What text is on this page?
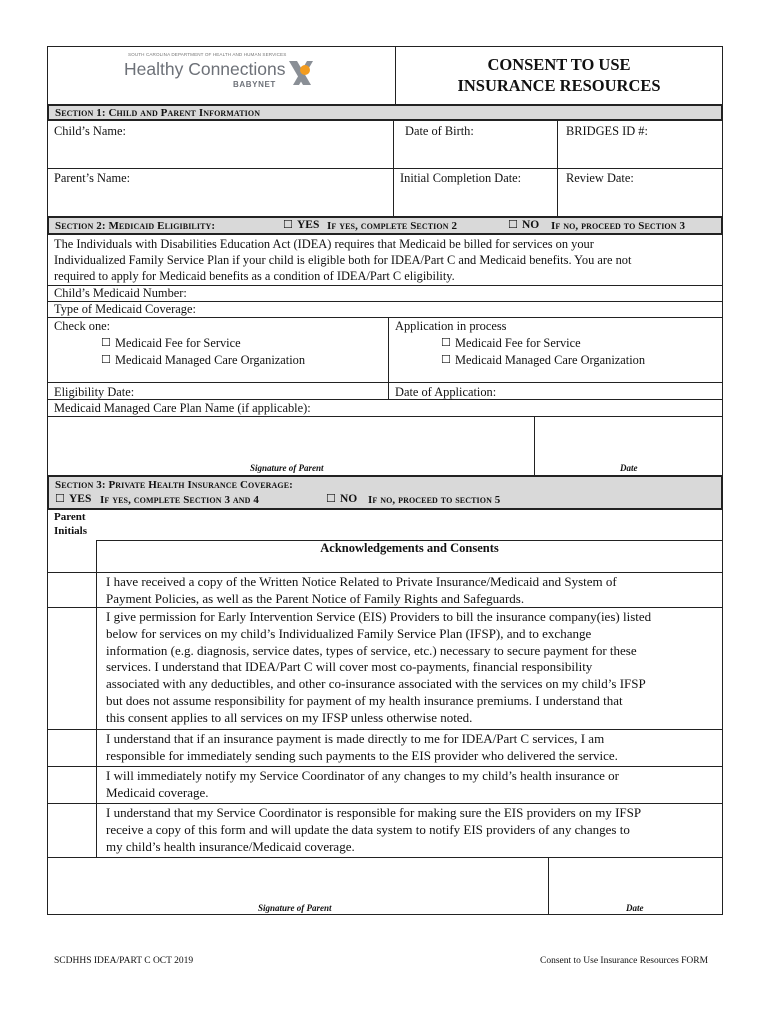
SOUTH CAROLINA DEPARTMENT OF HEALTH AND HUMAN SERVICES
Healthy Connections
BABYNET
CONSENT TO USE
INSURANCE RESOURCES
Section 1: Child and Parent Information
Child’s Name:	Date of Birth:	BRIDGES ID #:
Parent’s Name:	Initial Completion Date:	Review Date:
Section 2: Medicaid Eligibility:	☐ YES If yes, complete Section 2	☐ NO If no, proceed to Section 3
The Individuals with Disabilities Education Act (IDEA) requires that Medicaid be billed for services on your
Individualized Family Service Plan if your child is eligible both for IDEA/Part C and Medicaid benefits. You are not
required to apply for Medicaid benefits as a condition of IDEA/Part C eligibility.
Child’s Medicaid Number:
Type of Medicaid Coverage:
Check one:
☐ Medicaid Fee for Service
☐ Medicaid Managed Care Organization
Application in process
☐ Medicaid Fee for Service
☐ Medicaid Managed Care Organization
Eligibility Date:	Date of Application:
Medicaid Managed Care Plan Name (if applicable):
Signature of Parent	Date
Section 3: Private Health Insurance Coverage:
☐ YES If yes, complete Section 3 and 4	☐ NO If no, proceed to section 5
Parent
Initials
Acknowledgements and Consents
I have received a copy of the Written Notice Related to Private Insurance/Medicaid and System of
Payment Policies, as well as the Parent Notice of Family Rights and Safeguards.
I give permission for Early Intervention Service (EIS) Providers to bill the insurance company(ies) listed
below for services on my child’s Individualized Family Service Plan (IFSP), and to exchange
information (e.g. diagnosis, service dates, types of service, etc.) necessary to secure payment for these
services. I understand that IDEA/Part C will cover most co-payments, financial responsibility
associated with any deductibles, and other co-insurance associated with the services on my child’s IFSP
but does not assume responsibility for payment of my health insurance premiums. I understand that
this consent applies to all services on my IFSP unless otherwise noted.
I understand that if an insurance payment is made directly to me for IDEA/Part C services, I am
responsible for immediately sending such payments to the EIS provider who delivered the service.
I will immediately notify my Service Coordinator of any changes to my child’s health insurance or
Medicaid coverage.
I understand that my Service Coordinator is responsible for making sure the EIS providers on my IFSP
receive a copy of this form and will update the data system to notify EIS providers of any changes to
my child’s health insurance/Medicaid coverage.
Signature of Parent	Date
SCDHHS IDEA/PART C OCT 2019	Consent to Use Insurance Resources FORM
